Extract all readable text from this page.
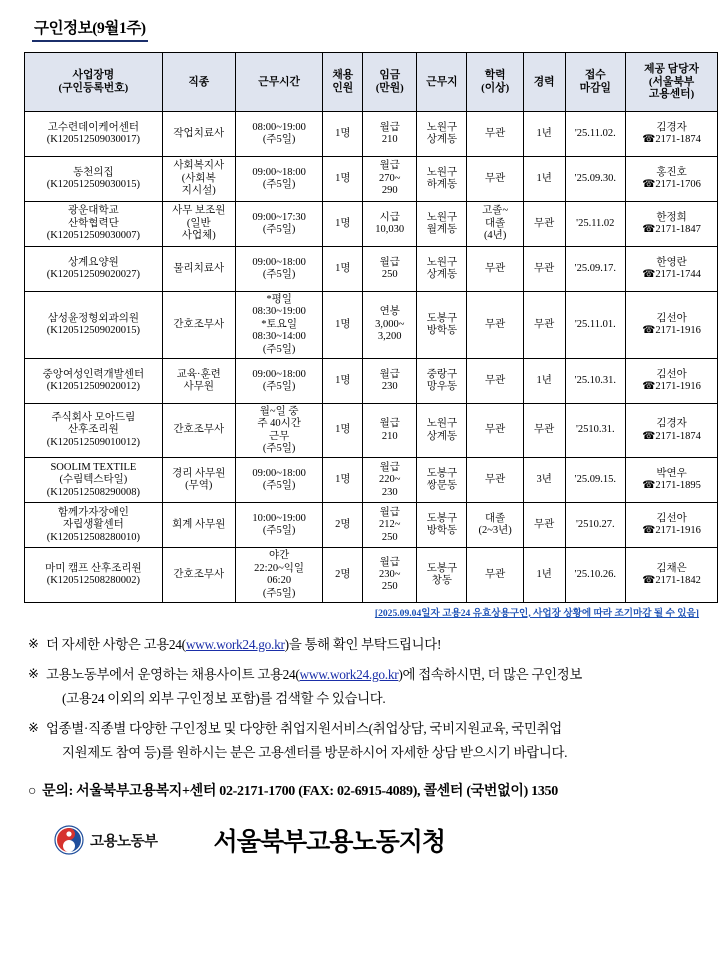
구인정보(9월1주)
사업장명
(구인등록번호)	직종	근무시간	채용
인원	임금
(만원)	근무지	학력
(이상)	경력	접수
마감일	제공 담당자
(서울북부
고용센터)

고수련데이케어센터
(K120512509030017)	작업치료사	08:00~19:00
(주5일)	1명	월급
210	노원구
상계동	무관	1년	'25.11.02.	김경자
☎2171-1874

동천의집
(K120512509030015)	사회복지사
(사회복
지시설)	09:00~18:00
(주5일)	1명	월급
270~
290	노원구
하계동	무관	1년	'25.09.30.	홍진호
☎2171-1706

광운대학교
산학협력단
(K120512509030007)	사무 보조원
(일반
사업체)	09:00~17:30
(주5일)	1명	시급
10,030	노원구
월계동	고졸~
대졸
(4년)	무관	'25.11.02	한정희
☎2171-1847

상계요양원
(K120512509020027)	물리치료사	09:00~18:00
(주5일)	1명	월급
250	노원구
상계동	무관	무관	'25.09.17.	한영란
☎2171-1744

삼성윤정형외과의원
(K120512509020015)	간호조무사	*평일
08:30~19:00
*토요일
08:30~14:00
(주5일)	1명	연봉
3,000~
3,200	도봉구
방학동	무관	무관	'25.11.01.	김선아
☎2171-1916

중앙여성인력개발센터
(K120512509020012)	교육·훈련
사무원	09:00~18:00
(주5일)	1명	월급
230	중랑구
망우동	무관	1년	'25.10.31.	김선아
☎2171-1916

주식회사 모아드림
산후조리원
(K120512509010012)	간호조무사	월~일 중
주 40시간
근무
(주5일)	1명	월급
210	노원구
상계동	무관	무관	'2510.31.	김경자
☎2171-1874

SOOLIM TEXTILE
(수림텍스타일)
(K120512508290008)	경리 사무원
(무역)	09:00~18:00
(주5일)	1명	월급
220~
230	도봉구
쌍문동	무관	3년	'25.09.15.	박연우
☎2171-1895

함께가자장애인
자립생활센터
(K120512508280010)	회계 사무원	10:00~19:00
(주5일)	2명	월급
212~
250	도봉구
방학동	대졸
(2~3년)	무관	'2510.27.	김선아
☎2171-1916

마미 캠프 산후조리원
(K120512508280002)	간호조무사	야간
22:20~익일
06:20
(주5일)	2명	월급
230~
250	도봉구
창동	무관	1년	'25.10.26.	김채은
☎2171-1842
[2025.09.04일자 고용24 유효상용구인, 사업장 상황에 따라 조기마감 될 수 있음]
※ 더 자세한 사항은 고용24(www.work24.go.kr)을 통해 확인 부탁드립니다!
※ 고용노동부에서 운영하는 채용사이트 고용24(www.work24.go.kr)에 접속하시면, 더 많은 구인정보
(고용24 이외의 외부 구인정보 포함)를 검색할 수 있습니다.
※ 업종별·직종별 다양한 구인정보 및 다양한 취업지원서비스(취업상담, 국비지원교육, 국민취업
지원제도 참여 등)를 원하시는 분은 고용센터를 방문하시어 자세한 상담 받으시기 바랍니다.
○ 문의: 서울북부고용복지+센터 02-2171-1700 (FAX: 02-6915-4089), 콜센터 (국번없이) 1350
고용노동부 서울북부고용노동지청
